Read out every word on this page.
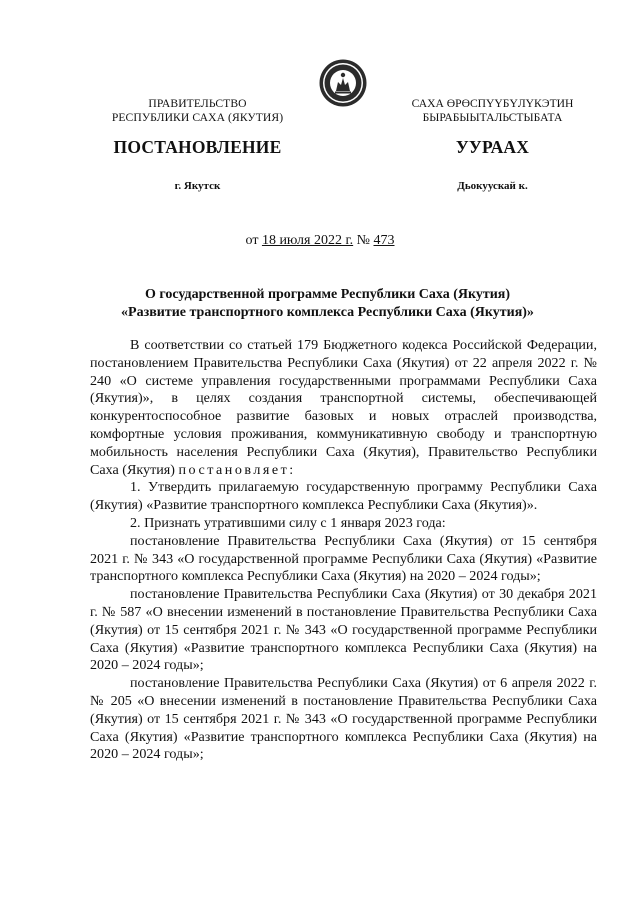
ПРАВИТЕЛЬСТВО
РЕСПУБЛИКИ САХА (ЯКУТИЯ)
САХА ӨРӨСПҮҮБҮЛҮКЭТИН
БЫРАБЫЫТАЛЬСТЫБАТА
ПОСТАНОВЛЕНИЕ	УУРААХ
г. Якутск	Дьокуускай к.
от 18 июля 2022 г. № 473
О государственной программе Республики Саха (Якутия)
«Развитие транспортного комплекса Республики Саха (Якутия)»

В соответствии со статьей 179 Бюджетного кодекса Российской Федерации, постановлением Правительства Республики Саха (Якутия) от 22 апреля 2022 г. № 240 «О системе управления государственными программами Республики Саха (Якутия)», в целях создания транспортной системы, обеспечивающей конкурентоспособное развитие базовых и новых отраслей производства, комфортные условия проживания, коммуникативную свободу и транспортную мобильность населения Республики Саха (Якутия), Правительство Республики Саха (Якутия) постановляет:

1. Утвердить прилагаемую государственную программу Республики Саха (Якутия) «Развитие транспортного комплекса Республики Саха (Якутия)».

2. Признать утратившими силу с 1 января 2023 года:

постановление Правительства Республики Саха (Якутия) от 15 сентября 2021 г. № 343 «О государственной программе Республики Саха (Якутия) «Развитие транспортного комплекса Республики Саха (Якутия) на 2020 – 2024 годы»;

постановление Правительства Республики Саха (Якутия) от 30 декабря 2021 г. № 587 «О внесении изменений в постановление Правительства Республики Саха (Якутия) от 15 сентября 2021 г. № 343 «О государственной программе Республики Саха (Якутия) «Развитие транспортного комплекса Республики Саха (Якутия) на 2020 – 2024 годы»;

постановление Правительства Республики Саха (Якутия) от 6 апреля 2022 г. № 205 «О внесении изменений в постановление Правительства Республики Саха (Якутия) от 15 сентября 2021 г. № 343 «О государственной программе Республики Саха (Якутия) «Развитие транспортного комплекса Республики Саха (Якутия) на 2020 – 2024 годы»;
